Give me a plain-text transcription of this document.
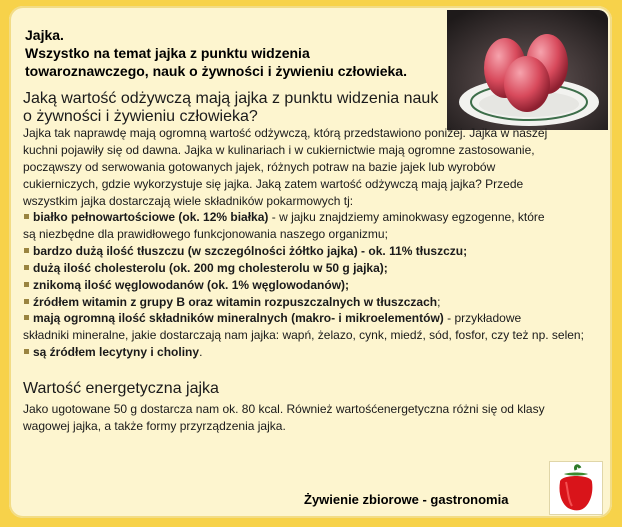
Jajka.
Wszystko na temat jajka z punktu widzenia
towaroznawczego, nauk o żywności i żywieniu człowieka.
Jaką wartość odżywczą mają jajka z punktu widzenia nauk
o żywności i żywieniu człowieka?
Jajka tak naprawdę mają ogromną wartość odżywczą, którą przedstawiono poniżej. Jajka w naszej
kuchni pojawiły się od dawna. Jajka w kulinariach i w cukiernictwie mają ogromne zastosowanie,
począwszy od serwowania gotowanych jajek, różnych potraw na bazie jajek lub wyrobów
cukierniczych, gdzie wykorzystuje się jajka. Jaką zatem wartość odżywczą mają jajka? Przede
wszystkim jajka dostarczają wiele składników pokarmowych tj:
białko pełnowartościowe (ok. 12% białka) - w jajku znajdziemy aminokwasy egzogenne, które
są niezbędne dla prawidłowego funkcjonowania naszego organizmu;
bardzo dużą ilość tłuszczu (w szczególności żółtko jajka) - ok. 11% tłuszczu;
dużą ilość cholesterolu (ok. 200 mg cholesterolu w 50 g jajka);
znikomą ilość węglowodanów (ok. 1% węglowodanów);
źródłem witamin z grupy B oraz witamin rozpuszczalnych w tłuszczach;
mają ogromną ilość składników mineralnych (makro- i mikroelementów) - przykładowe
składniki mineralne, jakie dostarczają nam jajka: wapń, żelazo, cynk, miedź, sód, fosfor, czy też np. selen;
są źródłem lecytyny i choliny.
Wartość energetyczna jajka
Jako ugotowane 50 g dostarcza nam ok. 80 kcal. Również wartośćenergetyczna różni się od klasy
wagowej jajka, a także formy przyrządzenia jajka.
Żywienie zbiorowe - gastronomia
